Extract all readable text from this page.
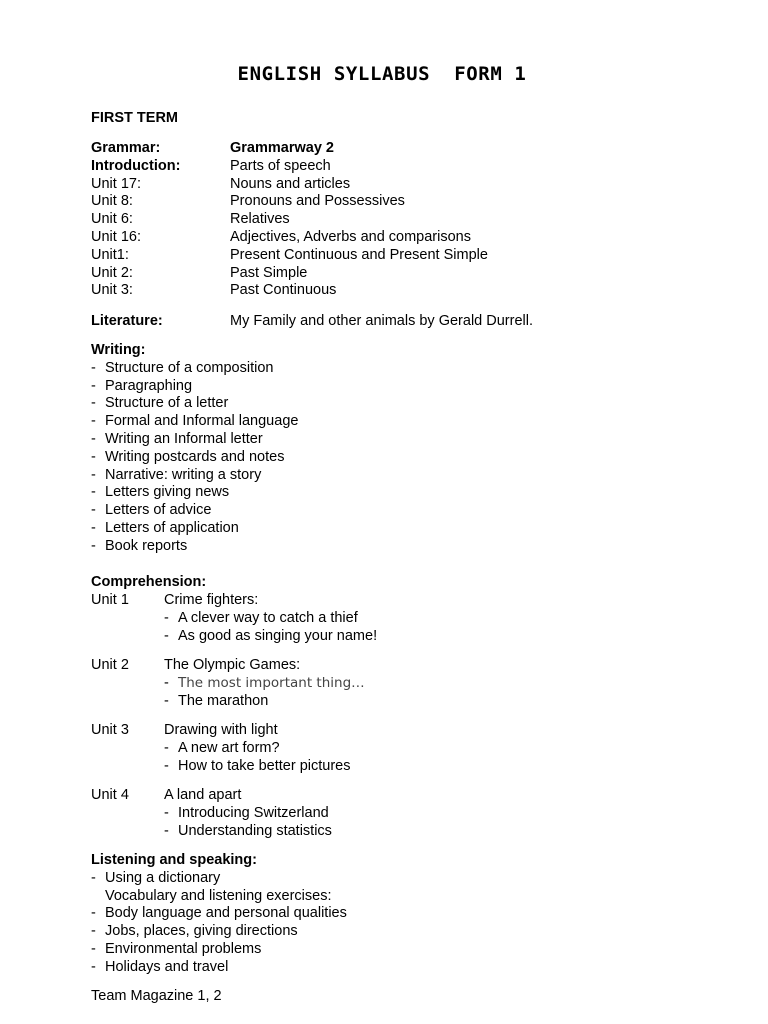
ENGLISH SYLLABUS  FORM 1
FIRST TERM
Grammar:	Grammarway 2
Introduction:	Parts of speech
Unit 17:	Nouns and articles
Unit 8:	Pronouns and Possessives
Unit 6:	Relatives
Unit 16:	Adjectives, Adverbs and comparisons
Unit1:	Present Continuous and Present Simple
Unit 2:	Past Simple
Unit 3:	Past Continuous
Literature:	My Family and other animals by Gerald Durrell.
Writing:
- Structure of a composition
- Paragraphing
- Structure of a letter
- Formal and Informal language
- Writing an Informal letter
- Writing postcards and notes
- Narrative: writing a story
- Letters giving news
- Letters of advice
- Letters of application
- Book reports
Comprehension:
Unit 1	Crime fighters:
- A clever way to catch a thief
- As good as singing your name!
Unit 2	The Olympic Games:
- The most important thing…
- The marathon
Unit 3	Drawing with light
- A new art form?
- How to take better pictures
Unit 4	A land apart
- Introducing Switzerland
- Understanding statistics
Listening and speaking:
- Using a dictionary
Vocabulary and listening exercises:
- Body language and personal qualities
- Jobs, places, giving directions
- Environmental problems
- Holidays and travel
Team Magazine 1, 2
